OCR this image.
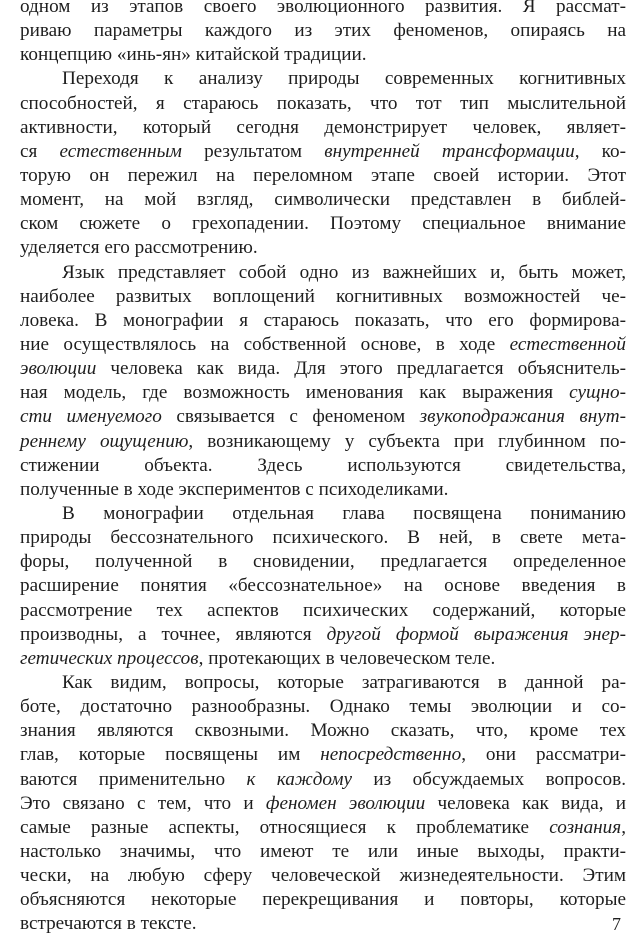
одном из этапов своего эволюционного развития. Я рассмат-
риваю параметры каждого из этих феноменов, опираясь на
концепцию «инь-ян» китайской традиции.
Переходя к анализу природы современных когнитивных
способностей, я стараюсь показать, что тот тип мыслительной
активности, который сегодня демонстрирует человек, являет-
ся естественным результатом внутренней трансформации, ко-
торую он пережил на переломном этапе своей истории. Этот
момент, на мой взгляд, символически представлен в библей-
ском сюжете о грехопадении. Поэтому специальное внимание
уделяется его рассмотрению.
Язык представляет собой одно из важнейших и, быть может,
наиболее развитых воплощений когнитивных возможностей че-
ловека. В монографии я стараюсь показать, что его формирова-
ние осуществлялось на собственной основе, в ходе естественной
эволюции человека как вида. Для этого предлагается объяснитель-
ная модель, где возможность именования как выражения сущно-
сти именуемого связывается с феноменом звукоподражания внут-
реннему ощущению, возникающему у субъекта при глубинном по-
стижении объекта. Здесь используются свидетельства,
полученные в ходе экспериментов с психоделиками.
В монографии отдельная глава посвящена пониманию
природы бессознательного психического. В ней, в свете мета-
форы, полученной в сновидении, предлагается определенное
расширение понятия «бессознательное» на основе введения в
рассмотрение тех аспектов психических содержаний, которые
производны, а точнее, являются другой формой выражения энер-
гетических процессов, протекающих в человеческом теле.
Как видим, вопросы, которые затрагиваются в данной ра-
боте, достаточно разнообразны. Однако темы эволюции и со-
знания являются сквозными. Можно сказать, что, кроме тех
глав, которые посвящены им непосредственно, они рассматри-
ваются применительно к каждому из обсуждаемых вопросов.
Это связано с тем, что и феномен эволюции человека как вида, и
самые разные аспекты, относящиеся к проблематике сознания,
настолько значимы, что имеют те или иные выходы, практи-
чески, на любую сферу человеческой жизнедеятельности. Этим
объясняются некоторые перекрещивания и повторы, которые
встречаются в тексте.	7
